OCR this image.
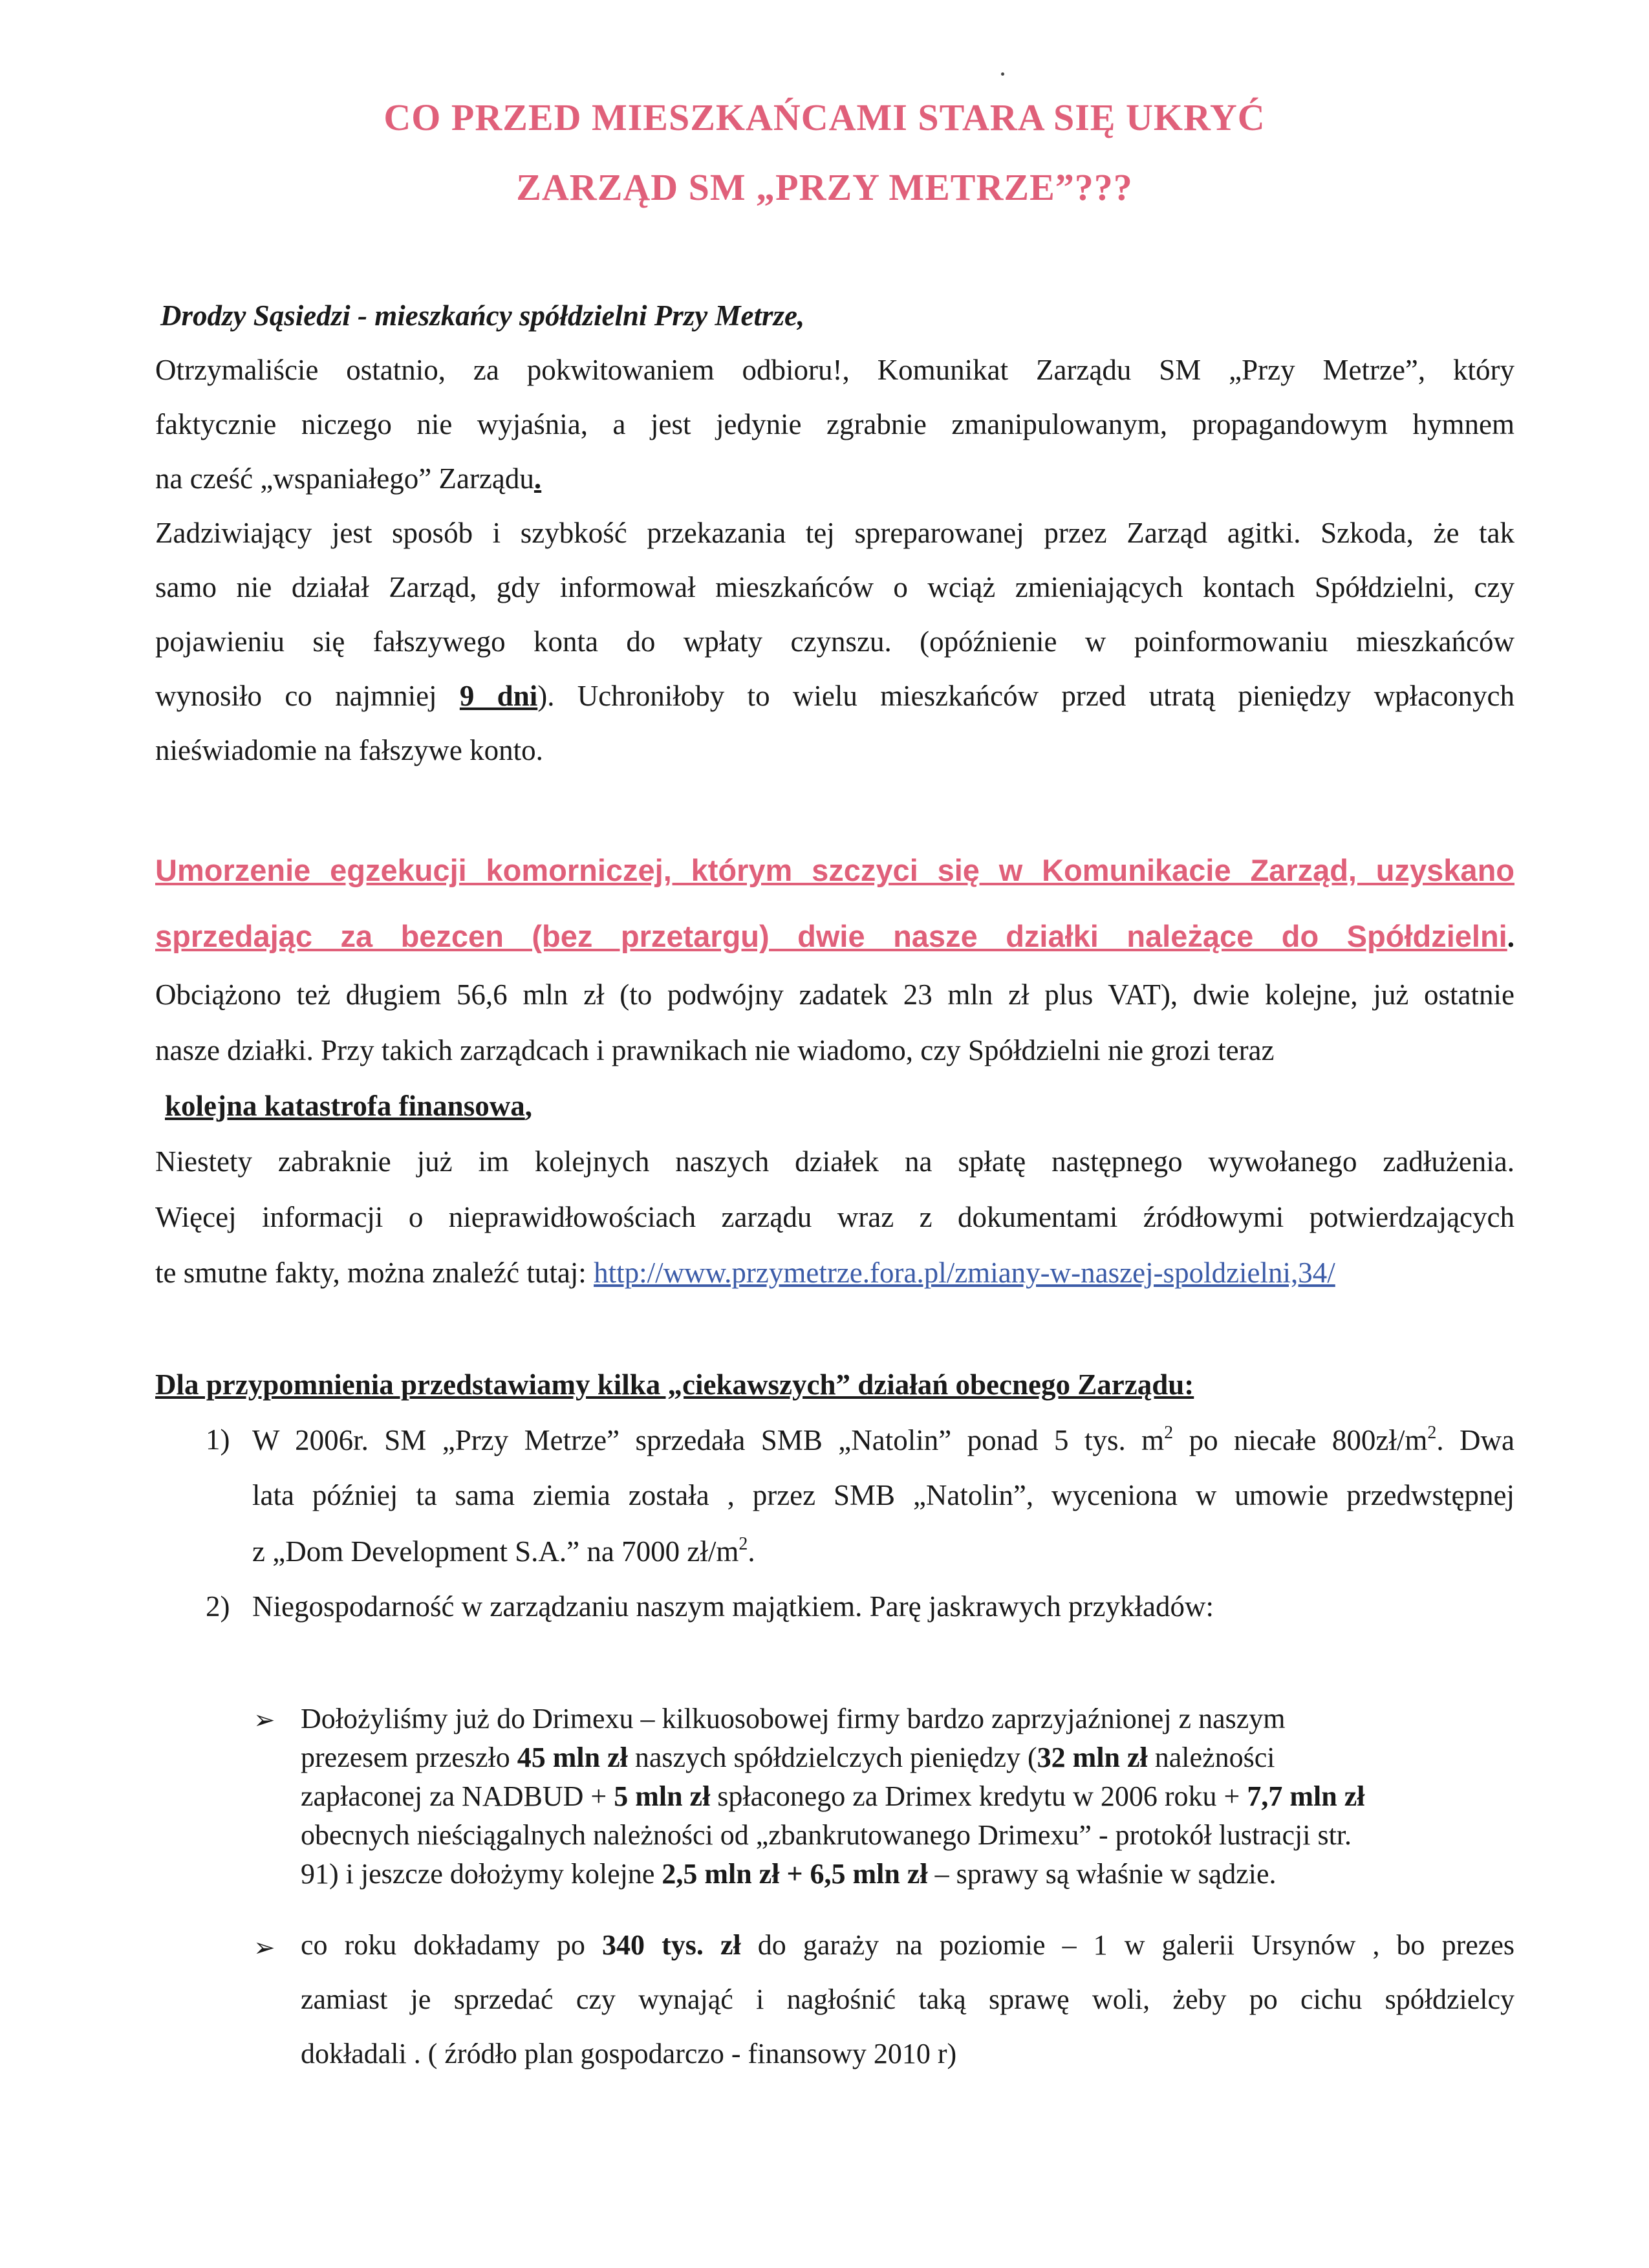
CO PRZED MIESZKAŃCAMI STARA SIĘ UKRYĆ
ZARZĄD SM „PRZY METRZE”???
Drodzy Sąsiedzi - mieszkańcy spółdzielni Przy Metrze,
Otrzymaliście ostatnio, za pokwitowaniem odbioru!, Komunikat Zarządu SM „Przy Metrze”, który
faktycznie niczego nie wyjaśnia, a jest jedynie zgrabnie zmanipulowanym, propagandowym hymnem
na cześć „wspaniałego” Zarządu.
Zadziwiający jest sposób i szybkość przekazania tej spreparowanej przez Zarząd agitki. Szkoda, że tak
samo nie działał Zarząd, gdy informował mieszkańców o wciąż zmieniających kontach Spółdzielni, czy
pojawieniu się fałszywego konta do wpłaty czynszu. (opóźnienie w poinformowaniu mieszkańców
wynosiło co najmniej 9 dni). Uchroniłoby to wielu mieszkańców przed utratą pieniędzy wpłaconych
nieświadomie na fałszywe konto.
Umorzenie egzekucji komorniczej, którym szczyci się w Komunikacie Zarząd, uzyskano
sprzedając za bezcen (bez przetargu) dwie nasze działki należące do Spółdzielni.
Obciążono też długiem 56,6 mln zł (to podwójny zadatek 23 mln zł plus VAT), dwie kolejne, już ostatnie
nasze działki. Przy takich zarządcach i prawnikach nie wiadomo, czy Spółdzielni nie grozi teraz
kolejna katastrofa finansowa,
Niestety zabraknie już im kolejnych naszych działek na spłatę następnego wywołanego zadłużenia.
Więcej informacji o nieprawidłowościach zarządu wraz z dokumentami źródłowymi potwierdzających
te smutne fakty, można znaleźć tutaj: http://www.przymetrze.fora.pl/zmiany-w-naszej-spoldzielni,34/
Dla przypomnienia przedstawiamy kilka „ciekawszych” działań obecnego Zarządu:
1) W 2006r. SM „Przy Metrze” sprzedała SMB „Natolin” ponad 5 tys. $m^2$ po niecałe $800zł/m^2$. Dwa
lata później ta sama ziemia została , przez SMB „Natolin”, wyceniona w umowie przedwstępnej
z „Dom Development S.A.” na 7000 $zł/m^2$.
2) Niegospodarność w zarządzaniu naszym majątkiem. Parę jaskrawych przykładów:
➢ Dołożyliśmy już do Drimexu – kilkuosobowej firmy bardzo zaprzyjaźnionej z naszym
prezesem przeszło 45 mln zł naszych spółdzielczych pieniędzy (32 mln zł należności
zapłaconej za NADBUD + 5 mln zł spłaconego za Drimex kredytu w 2006 roku + 7,7 mln zł
obecnych nieściągalnych należności od „zbankrutowanego Drimexu” - protokół lustracji str.
91) i jeszcze dołożymy kolejne 2,5 mln zł + 6,5 mln zł – sprawy są właśnie w sądzie.
➢ co roku dokładamy po 340 tys. zł do garaży na poziomie – 1 w galerii Ursynów , bo prezes
zamiast je sprzedać czy wynająć i nagłośnić taką sprawę woli, żeby po cichu spółdzielcy
dokładali . ( źródło plan gospodarczo - finansowy 2010 r)
